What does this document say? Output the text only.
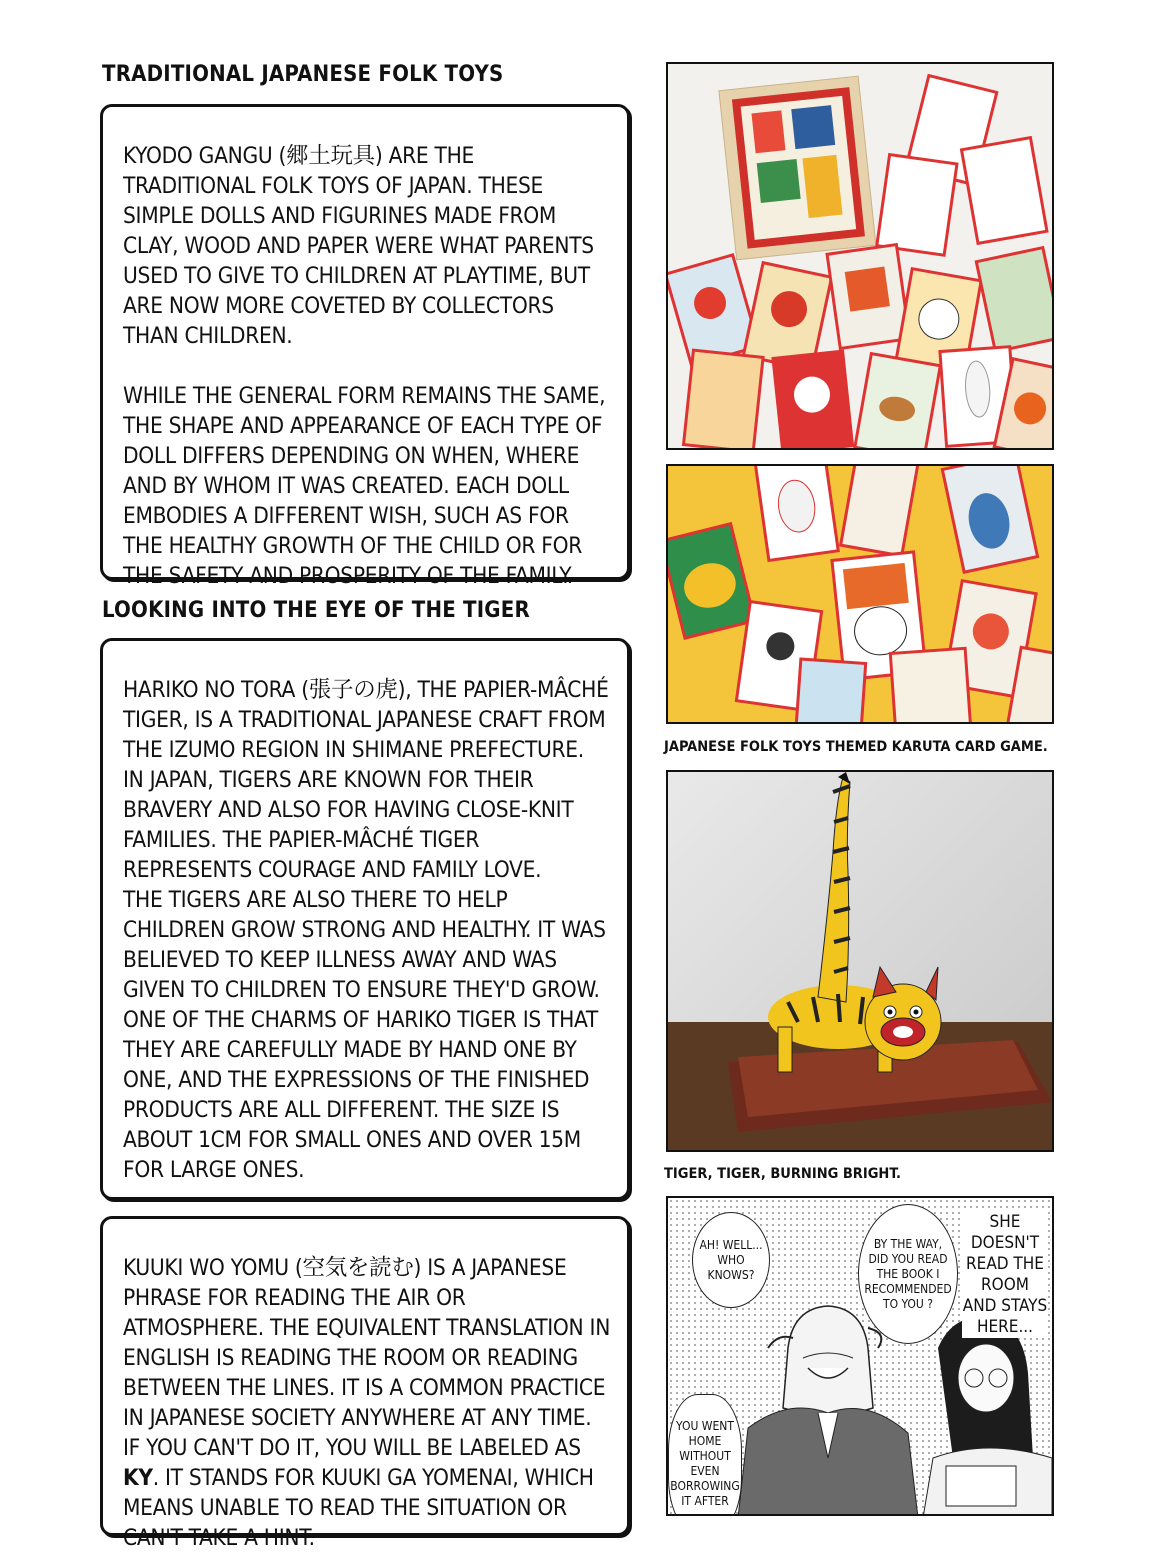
TRADITIONAL JAPANESE FOLK TOYS

KYODO GANGU (郷土玩具) ARE THE TRADITIONAL FOLK TOYS OF JAPAN. THESE SIMPLE DOLLS AND FIGURINES MADE FROM CLAY, WOOD AND PAPER WERE WHAT PARENTS USED TO GIVE TO CHILDREN AT PLAYTIME, BUT ARE NOW MORE COVETED BY COLLECTORS THAN CHILDREN.

WHILE THE GENERAL FORM REMAINS THE SAME, THE SHAPE AND APPEARANCE OF EACH TYPE OF DOLL DIFFERS DEPENDING ON WHEN, WHERE AND BY WHOM IT WAS CREATED. EACH DOLL EMBODIES A DIFFERENT WISH, SUCH AS FOR THE HEALTHY GROWTH OF THE CHILD OR FOR THE SAFETY AND PROSPERITY OF THE FAMILY.

LOOKING INTO THE EYE OF THE TIGER

HARIKO NO TORA (張子の虎), THE PAPIER-MÂCHÉ TIGER, IS A TRADITIONAL JAPANESE CRAFT FROM THE IZUMO REGION IN SHIMANE PREFECTURE.

IN JAPAN, TIGERS ARE KNOWN FOR THEIR BRAVERY AND ALSO FOR HAVING CLOSE-KNIT FAMILIES. THE PAPIER-MÂCHÉ TIGER REPRESENTS COURAGE AND FAMILY LOVE.

THE TIGERS ARE ALSO THERE TO HELP CHILDREN GROW STRONG AND HEALTHY. IT WAS BELIEVED TO KEEP ILLNESS AWAY AND WAS GIVEN TO CHILDREN TO ENSURE THEY'D GROW.

ONE OF THE CHARMS OF HARIKO TIGER IS THAT THEY ARE CAREFULLY MADE BY HAND ONE BY ONE, AND THE EXPRESSIONS OF THE FINISHED PRODUCTS ARE ALL DIFFERENT. THE SIZE IS ABOUT 1CM FOR SMALL ONES AND OVER 15M FOR LARGE ONES.

KUUKI WO YOMU (空気を読む) IS A JAPANESE PHRASE FOR READING THE AIR OR ATMOSPHERE. THE EQUIVALENT TRANSLATION IN ENGLISH IS READING THE ROOM OR READING BETWEEN THE LINES. IT IS A COMMON PRACTICE IN JAPANESE SOCIETY ANYWHERE AT ANY TIME. IF YOU CAN'T DO IT, YOU WILL BE LABELED AS KY. IT STANDS FOR KUUKI GA YOMENAI, WHICH MEANS UNABLE TO READ THE SITUATION OR CAN'T TAKE A HINT.

JAPANESE FOLK TOYS THEMED KARUTA CARD GAME.
TIGER, TIGER, BURNING BRIGHT.
AH! WELL... WHO KNOWS?
BY THE WAY, DID YOU READ THE BOOK I RECOMMENDED TO YOU ?
SHE DOESN'T READ THE ROOM AND STAYS HERE...
YOU WENT HOME WITHOUT EVEN BORROWING IT AFTER
